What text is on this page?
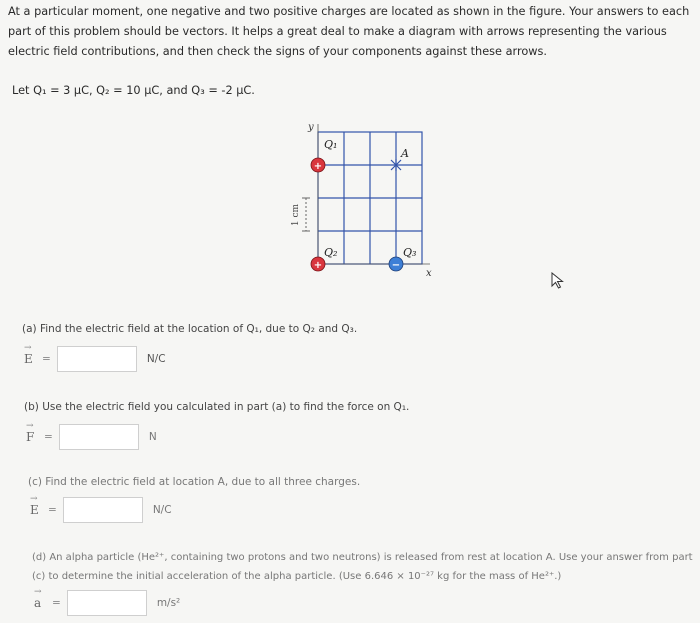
At a particular moment, one negative and two positive charges are located as shown in the figure. Your answers to each part of this problem should be vectors. It helps a great deal to make a diagram with arrows representing the various electric field contributions, and then check the signs of your components against these arrows.
Let Q₁ = 3 μC, Q₂ = 10 μC, and Q₃ = -2 μC.
1 cm
y
x
Q₁
Q₂	Q₃
A
+
+	−
(a) Find the electric field at the location of Q₁, due to Q₂ and Q₃.
→
E =	N/C
(b) Use the electric field you calculated in part (a) to find the force on Q₁.
→
F =	N
(c) Find the electric field at location A, due to all three charges.
→
E =	N/C
(d) An alpha particle (He²⁺, containing two protons and two neutrons) is released from rest at location A. Use your answer from part (c) to determine the initial acceleration of the alpha particle. (Use 6.646 × 10⁻²⁷ kg for the mass of He²⁺.)
→
a	=	m/s²
